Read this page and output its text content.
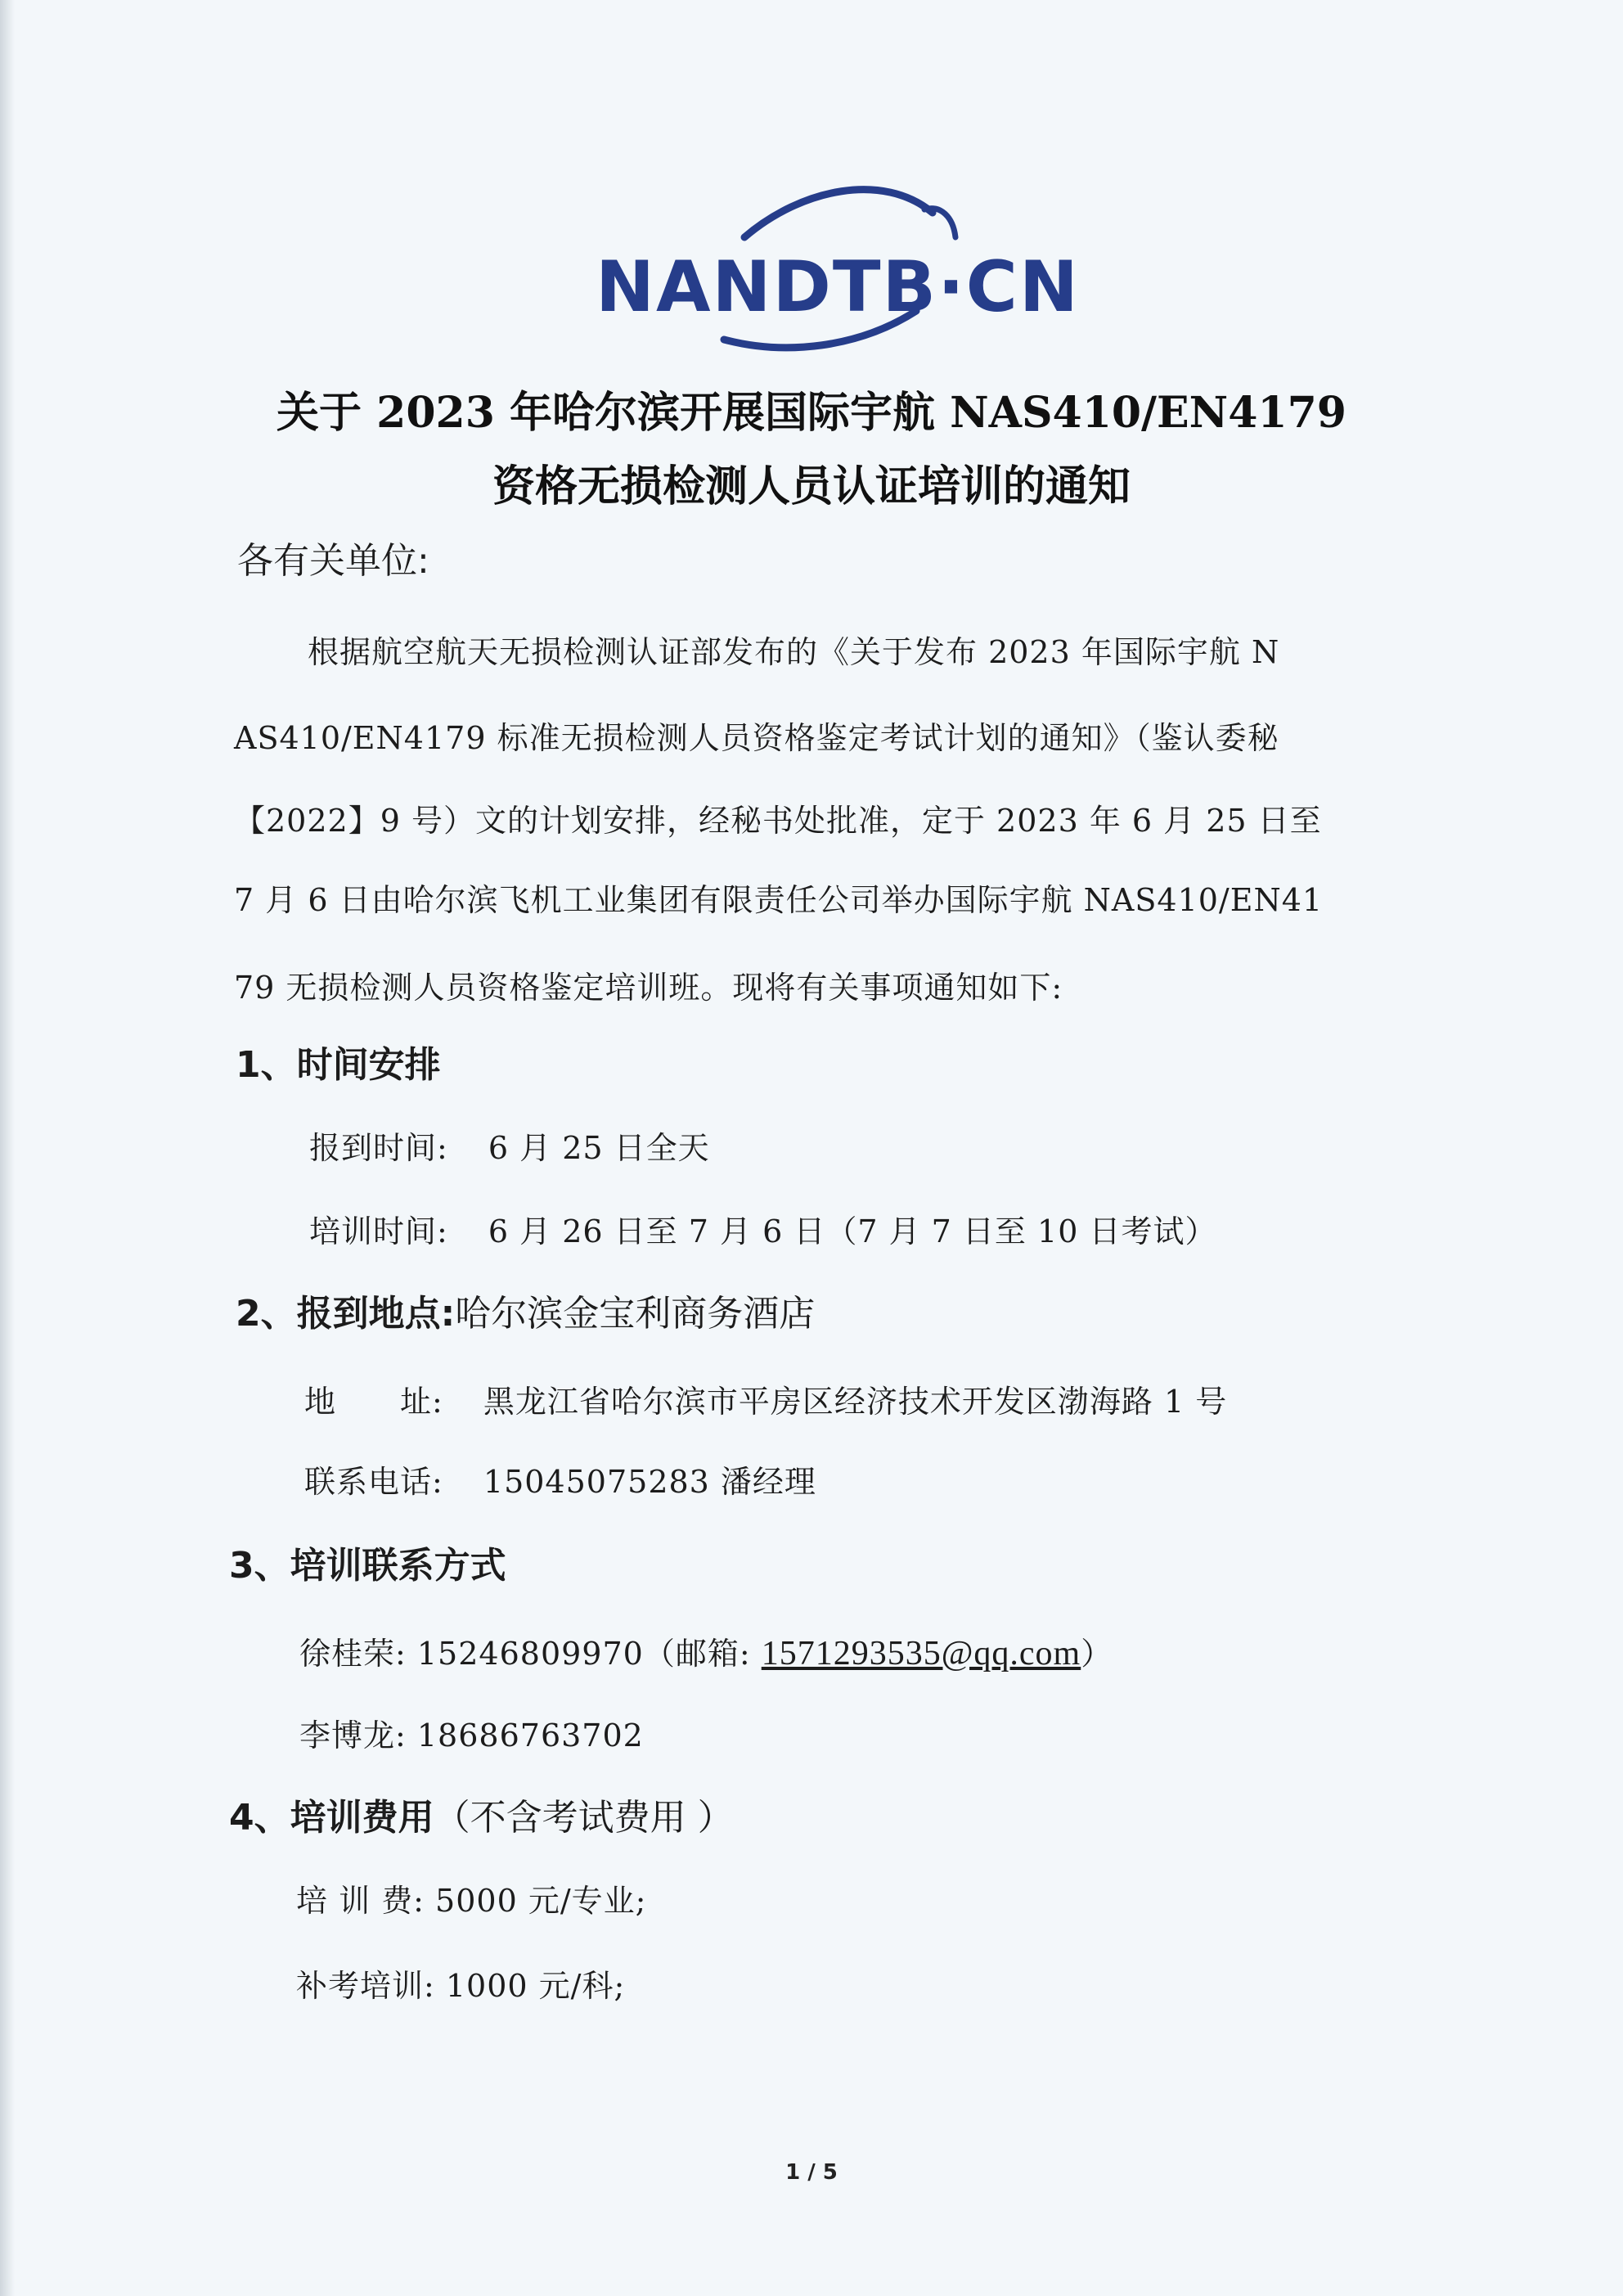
NANDTB·CN
关于 2023 年哈尔滨开展国际宇航 NAS410/EN4179
资格无损检测人员认证培训的通知
各有关单位:
根据航空航天无损检测认证部发布的《关于发布 2023 年国际宇航 N
AS410/EN4179 标准无损检测人员资格鉴定考试计划的通知》（鉴认委秘
【2022】9 号）文的计划安排，经秘书处批准，定于 2023 年 6 月 25 日至
7 月 6 日由哈尔滨飞机工业集团有限责任公司举办国际宇航 NAS410/EN41
79 无损检测人员资格鉴定培训班。现将有关事项通知如下:
1、时间安排
报到时间: 6 月 25 日全天
培训时间: 6 月 26 日至 7 月 6 日（7 月 7 日至 10 日考试）
2、报到地点:哈尔滨金宝利商务酒店
地　　址: 黑龙江省哈尔滨市平房区经济技术开发区渤海路 1 号
联系电话: 15045075283 潘经理
3、培训联系方式
徐桂荣: 15246809970（邮箱: 1571293535@qq.com）
李博龙: 18686763702
4、培训费用（不含考试费用 ）
培 训 费: 5000 元/专业;
补考培训: 1000 元/科;
1 / 5
